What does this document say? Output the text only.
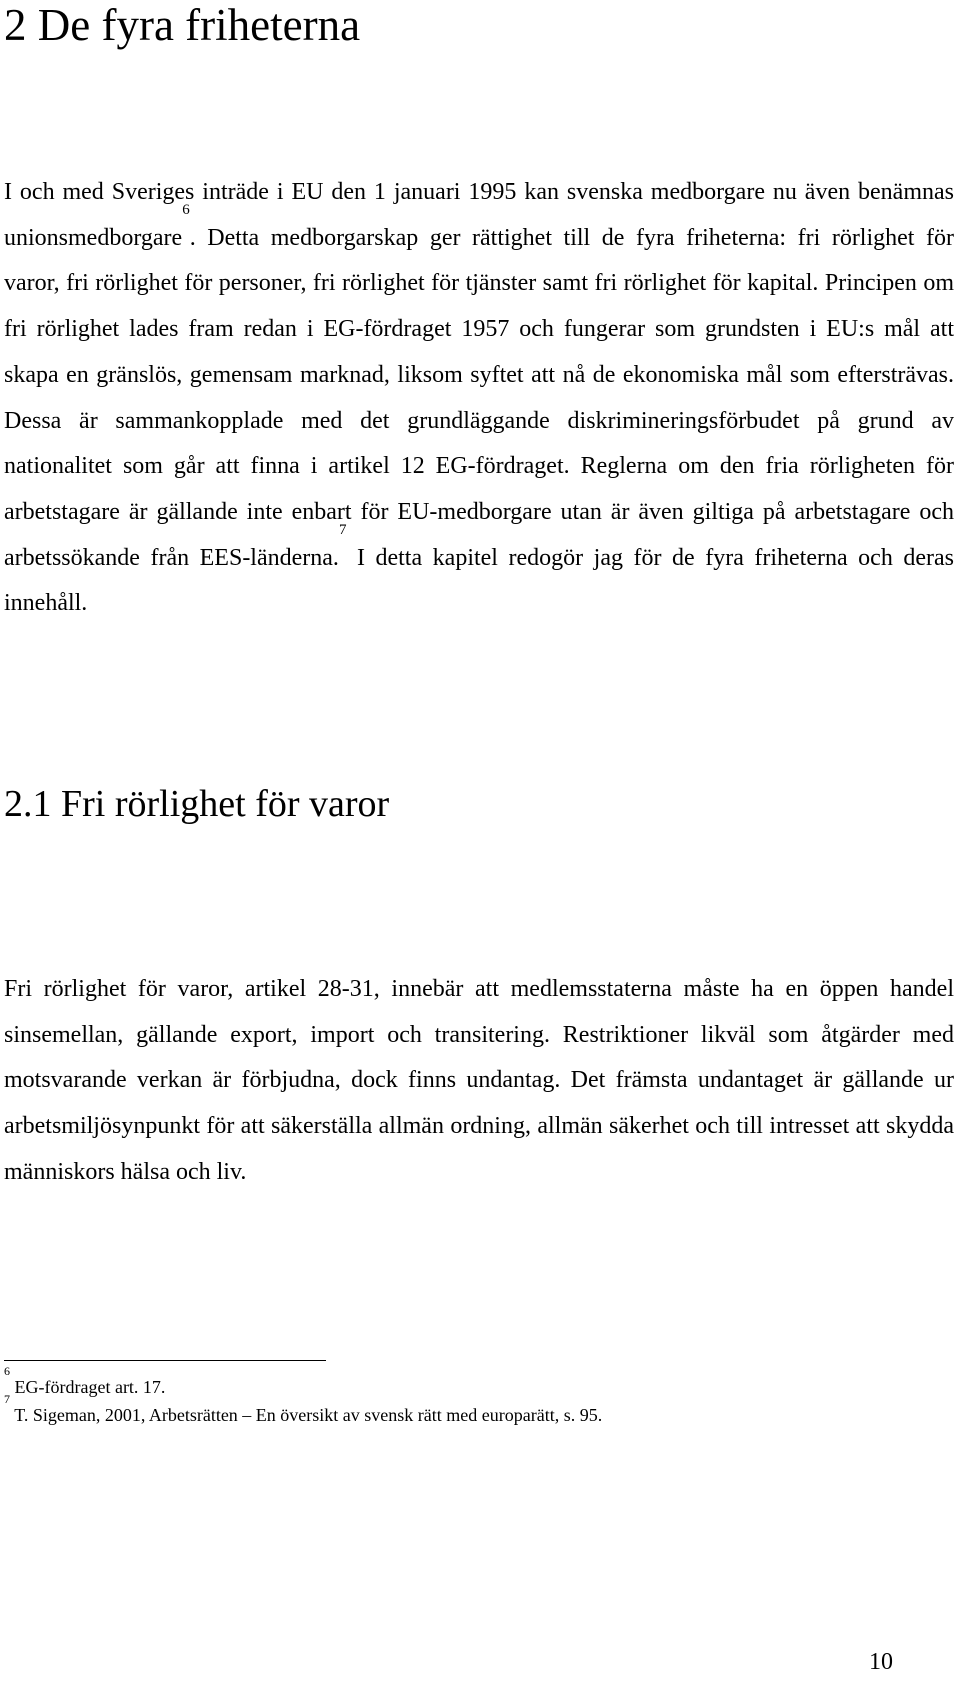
2 De fyra friheterna

I och med Sveriges inträde i EU den 1 januari 1995 kan svenska medborgare nu även benämnas unionsmedborgare$^6$. Detta medborgarskap ger rättighet till de fyra friheterna: fri rörlighet för varor, fri rörlighet för personer, fri rörlighet för tjänster samt fri rörlighet för kapital. Principen om fri rörlighet lades fram redan i EG-fördraget 1957 och fungerar som grundsten i EU:s mål att skapa en gränslös, gemensam marknad, liksom syftet att nå de ekonomiska mål som eftersträvas. Dessa är sammankopplade med det grundläggande diskrimineringsförbudet på grund av nationalitet som går att finna i artikel 12 EG-fördraget. Reglerna om den fria rörligheten för arbetstagare är gällande inte enbart för EU-medborgare utan är även giltiga på arbetstagare och arbetssökande från EES-länderna.$^7$ I detta kapitel redogör jag för de fyra friheterna och deras innehåll.

2.1 Fri rörlighet för varor

Fri rörlighet för varor, artikel 28-31, innebär att medlemsstaterna måste ha en öppen handel sinsemellan, gällande export, import och transitering. Restriktioner likväl som åtgärder med motsvarande verkan är förbjudna, dock finns undantag. Det främsta undantaget är gällande ur arbetsmiljösynpunkt för att säkerställa allmän ordning, allmän säkerhet och till intresset att skydda människors hälsa och liv.

$^6$ EG-fördraget art. 17.

$^7$ T. Sigeman, 2001, Arbetsrätten – En översikt av svensk rätt med europarätt, s. 95.

10
